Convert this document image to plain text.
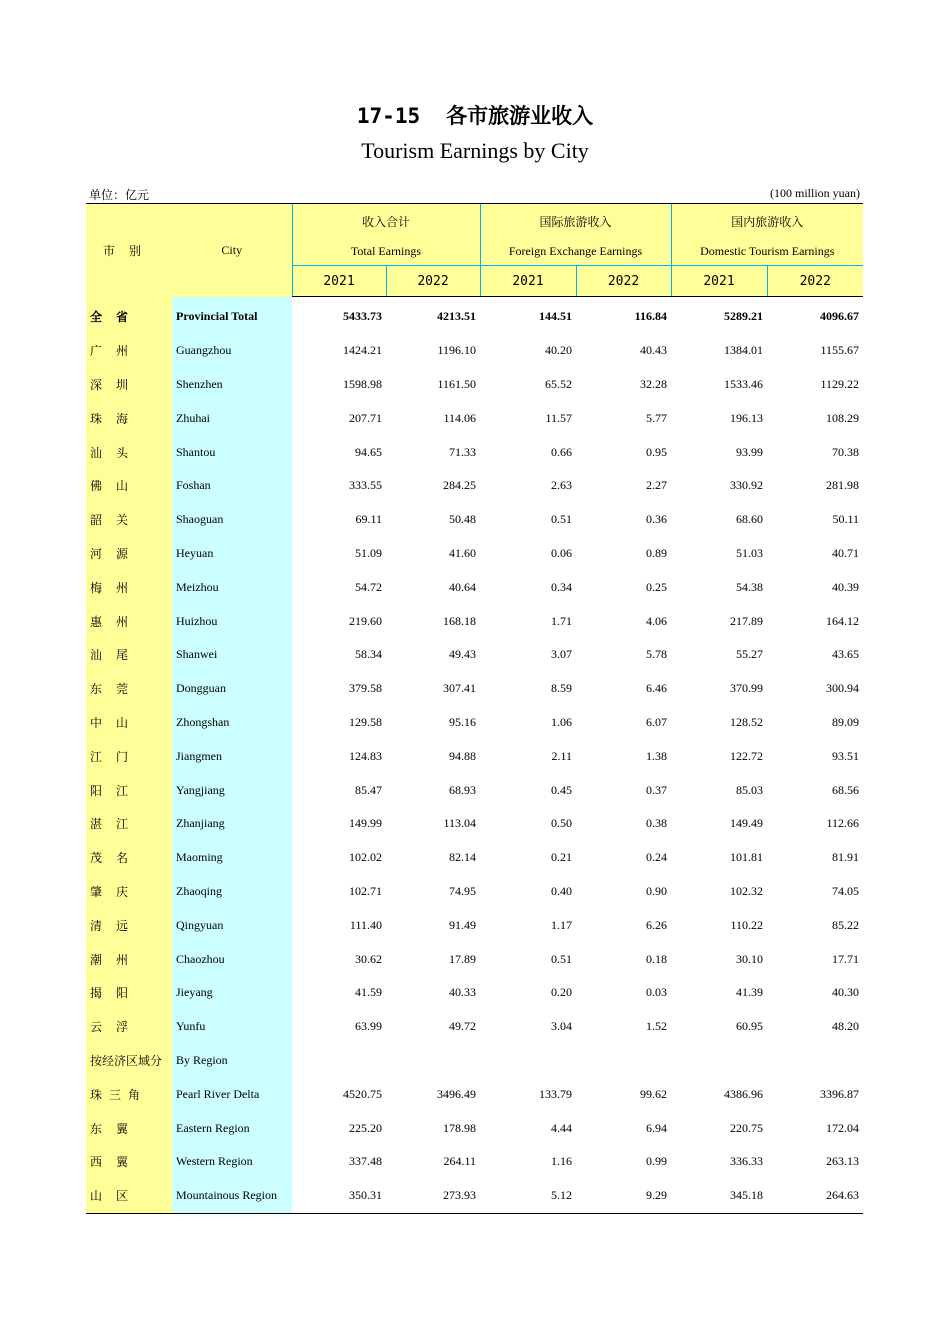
17-15 各市旅游业收入
Tourism Earnings by City
单位：亿元	(100 million yuan)
市别	City	收入合计
Total Earnings		国际旅游收入
Foreign Exchange Earnings		国内旅游收入
Domestic Tourism Earnings	

		2021	2022	2021	2022	2021	2022

全省	Provincial Total	5433.73	4213.51	144.51	116.84	5289.21	4096.67
广州	Guangzhou	1424.21	1196.10	40.20	40.43	1384.01	1155.67
深圳	Shenzhen	1598.98	1161.50	65.52	32.28	1533.46	1129.22
珠海	Zhuhai	207.71	114.06	11.57	5.77	196.13	108.29
汕头	Shantou	94.65	71.33	0.66	0.95	93.99	70.38
佛山	Foshan	333.55	284.25	2.63	2.27	330.92	281.98
韶关	Shaoguan	69.11	50.48	0.51	0.36	68.60	50.11
河源	Heyuan	51.09	41.60	0.06	0.89	51.03	40.71
梅州	Meizhou	54.72	40.64	0.34	0.25	54.38	40.39
惠州	Huizhou	219.60	168.18	1.71	4.06	217.89	164.12
汕尾	Shanwei	58.34	49.43	3.07	5.78	55.27	43.65
东莞	Dongguan	379.58	307.41	8.59	6.46	370.99	300.94
中山	Zhongshan	129.58	95.16	1.06	6.07	128.52	89.09
江门	Jiangmen	124.83	94.88	2.11	1.38	122.72	93.51
阳江	Yangjiang	85.47	68.93	0.45	0.37	85.03	68.56
湛江	Zhanjiang	149.99	113.04	0.50	0.38	149.49	112.66
茂名	Maoming	102.02	82.14	0.21	0.24	101.81	81.91
肇庆	Zhaoqing	102.71	74.95	0.40	0.90	102.32	74.05
清远	Qingyuan	111.40	91.49	1.17	6.26	110.22	85.22
潮州	Chaozhou	30.62	17.89	0.51	0.18	30.10	17.71
揭阳	Jieyang	41.59	40.33	0.20	0.03	41.39	40.30
云浮	Yunfu	63.99	49.72	3.04	1.52	60.95	48.20
按经济区域分	By Region						
珠三角	Pearl River Delta	4520.75	3496.49	133.79	99.62	4386.96	3396.87
东翼	Eastern Region	225.20	178.98	4.44	6.94	220.75	172.04
西翼	Western Region	337.48	264.11	1.16	0.99	336.33	263.13
山区	Mountainous Region	350.31	273.93	5.12	9.29	345.18	264.63
